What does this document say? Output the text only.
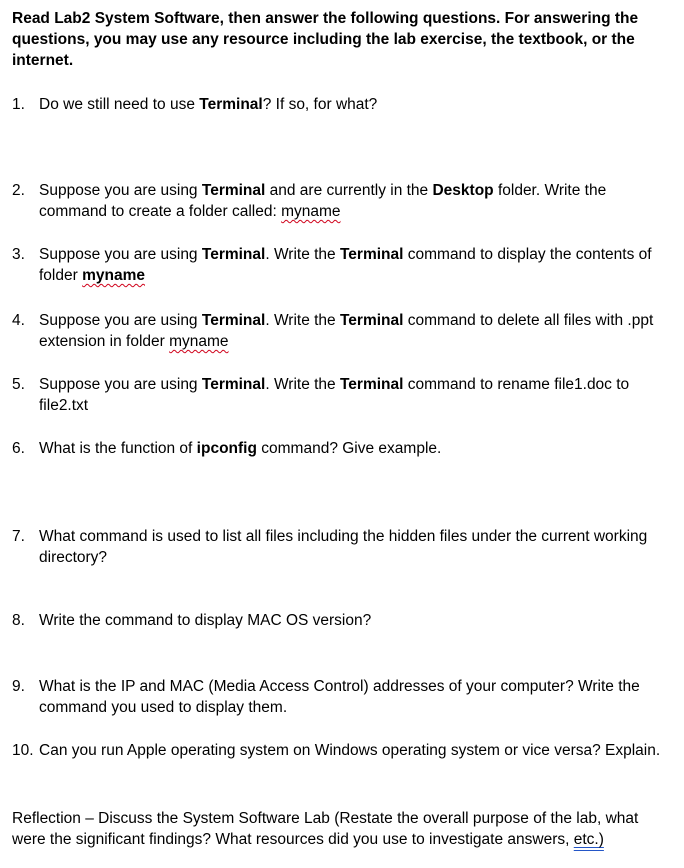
Read Lab2 System Software, then answer the following questions. For answering the questions, you may use any resource including the lab exercise, the textbook, or the internet.
1. Do we still need to use Terminal? If so, for what?
2. Suppose you are using Terminal and are currently in the Desktop folder. Write the command to create a folder called: myname
3. Suppose you are using Terminal. Write the Terminal command to display the contents of folder myname
4. Suppose you are using Terminal. Write the Terminal command to delete all files with .ppt extension in folder myname
5. Suppose you are using Terminal. Write the Terminal command to rename file1.doc to file2.txt
6. What is the function of ipconfig command? Give example.
7. What command is used to list all files including the hidden files under the current working directory?
8. Write the command to display MAC OS version?
9. What is the IP and MAC (Media Access Control) addresses of your computer? Write the command you used to display them.
10. Can you run Apple operating system on Windows operating system or vice versa? Explain.
Reflection – Discuss the System Software Lab (Restate the overall purpose of the lab, what were the significant findings? What resources did you use to investigate answers, etc.)
